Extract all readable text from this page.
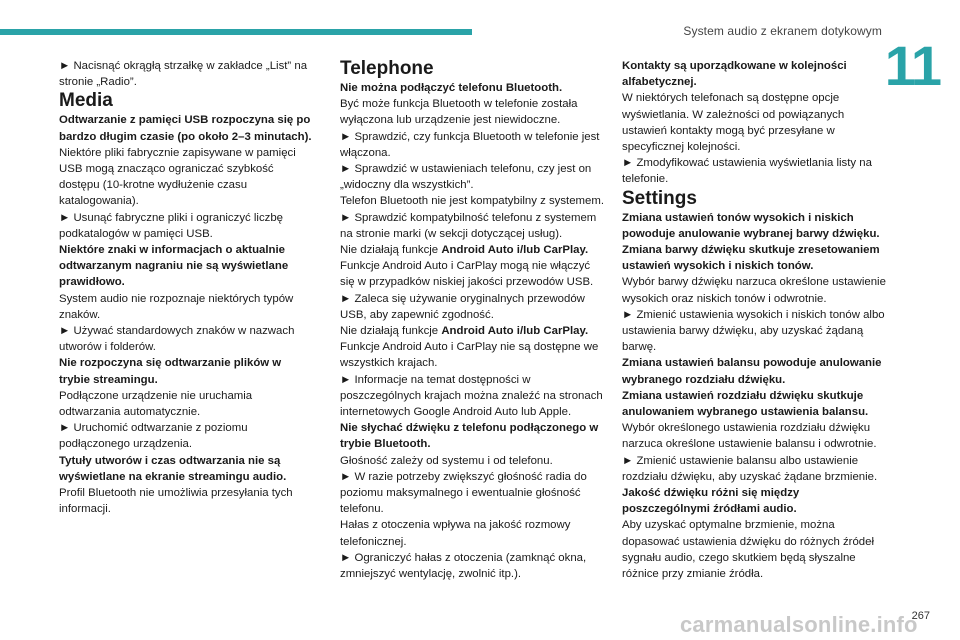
System audio z ekranem dotykowym
11

► Nacisnąć okrągłą strzałkę w zakładce „List” na stronie „Radio”.

Media

Odtwarzanie z pamięci USB rozpoczyna się po bardzo długim czasie (po około 2–3 minutach).

Niektóre pliki fabrycznie zapisywane w pamięci USB mogą znacząco ograniczać szybkość dostępu (10-krotne wydłużenie czasu katalogowania).

► Usunąć fabryczne pliki i ograniczyć liczbę podkatalogów w pamięci USB.

Niektóre znaki w informacjach o aktualnie odtwarzanym nagraniu nie są wyświetlane prawidłowo.

System audio nie rozpoznaje niektórych typów znaków.

► Używać standardowych znaków w nazwach utworów i folderów.

Nie rozpoczyna się odtwarzanie plików w trybie streamingu.

Podłączone urządzenie nie uruchamia odtwarzania automatycznie.

► Uruchomić odtwarzanie z poziomu podłączonego urządzenia.

Tytuły utworów i czas odtwarzania nie są wyświetlane na ekranie streamingu audio.

Profil Bluetooth nie umożliwia przesyłania tych informacji.

Telephone

Nie można podłączyć telefonu Bluetooth.

Być może funkcja Bluetooth w telefonie została wyłączona lub urządzenie jest niewidoczne.

► Sprawdzić, czy funkcja Bluetooth w telefonie jest włączona.

► Sprawdzić w ustawieniach telefonu, czy jest on „widoczny dla wszystkich”.

Telefon Bluetooth nie jest kompatybilny z systemem.

► Sprawdzić kompatybilność telefonu z systemem na stronie marki (w sekcji dotyczącej usług).

Nie działają funkcje Android Auto i/lub CarPlay.

Funkcje Android Auto i CarPlay mogą nie włączyć się w przypadków niskiej jakości przewodów USB.

► Zaleca się używanie oryginalnych przewodów USB, aby zapewnić zgodność.

Nie działają funkcje Android Auto i/lub CarPlay.

Funkcje Android Auto i CarPlay nie są dostępne we wszystkich krajach.

► Informacje na temat dostępności w poszczególnych krajach można znaleźć na stronach internetowych Google Android Auto lub Apple.

Nie słychać dźwięku z telefonu podłączonego w trybie Bluetooth.

Głośność zależy od systemu i od telefonu.

► W razie potrzeby zwiększyć głośność radia do poziomu maksymalnego i ewentualnie głośność telefonu.

Hałas z otoczenia wpływa na jakość rozmowy telefonicznej.

► Ograniczyć hałas z otoczenia (zamknąć okna, zmniejszyć wentylację, zwolnić itp.).

Kontakty są uporządkowane w kolejności alfabetycznej.

W niektórych telefonach są dostępne opcje wyświetlania. W zależności od powiązanych ustawień kontakty mogą być przesyłane w specyficznej kolejności.

► Zmodyfikować ustawienia wyświetlania listy na telefonie.

Settings

Zmiana ustawień tonów wysokich i niskich powoduje anulowanie wybranej barwy dźwięku.

Zmiana barwy dźwięku skutkuje zresetowaniem ustawień wysokich i niskich tonów.

Wybór barwy dźwięku narzuca określone ustawienie wysokich oraz niskich tonów i odwrotnie.

► Zmienić ustawienia wysokich i niskich tonów albo ustawienia barwy dźwięku, aby uzyskać żądaną barwę.

Zmiana ustawień balansu powoduje anulowanie wybranego rozdziału dźwięku.

Zmiana ustawień rozdziału dźwięku skutkuje anulowaniem wybranego ustawienia balansu.

Wybór określonego ustawienia rozdziału dźwięku narzuca określone ustawienie balansu i odwrotnie.

► Zmienić ustawienie balansu albo ustawienie rozdziału dźwięku, aby uzyskać żądane brzmienie.

Jakość dźwięku różni się między poszczególnymi źródłami audio.

Aby uzyskać optymalne brzmienie, można dopasować ustawienia dźwięku do różnych źródeł sygnału audio, czego skutkiem będą słyszalne różnice przy zmianie źródła.

carmanualsonline.info
267
